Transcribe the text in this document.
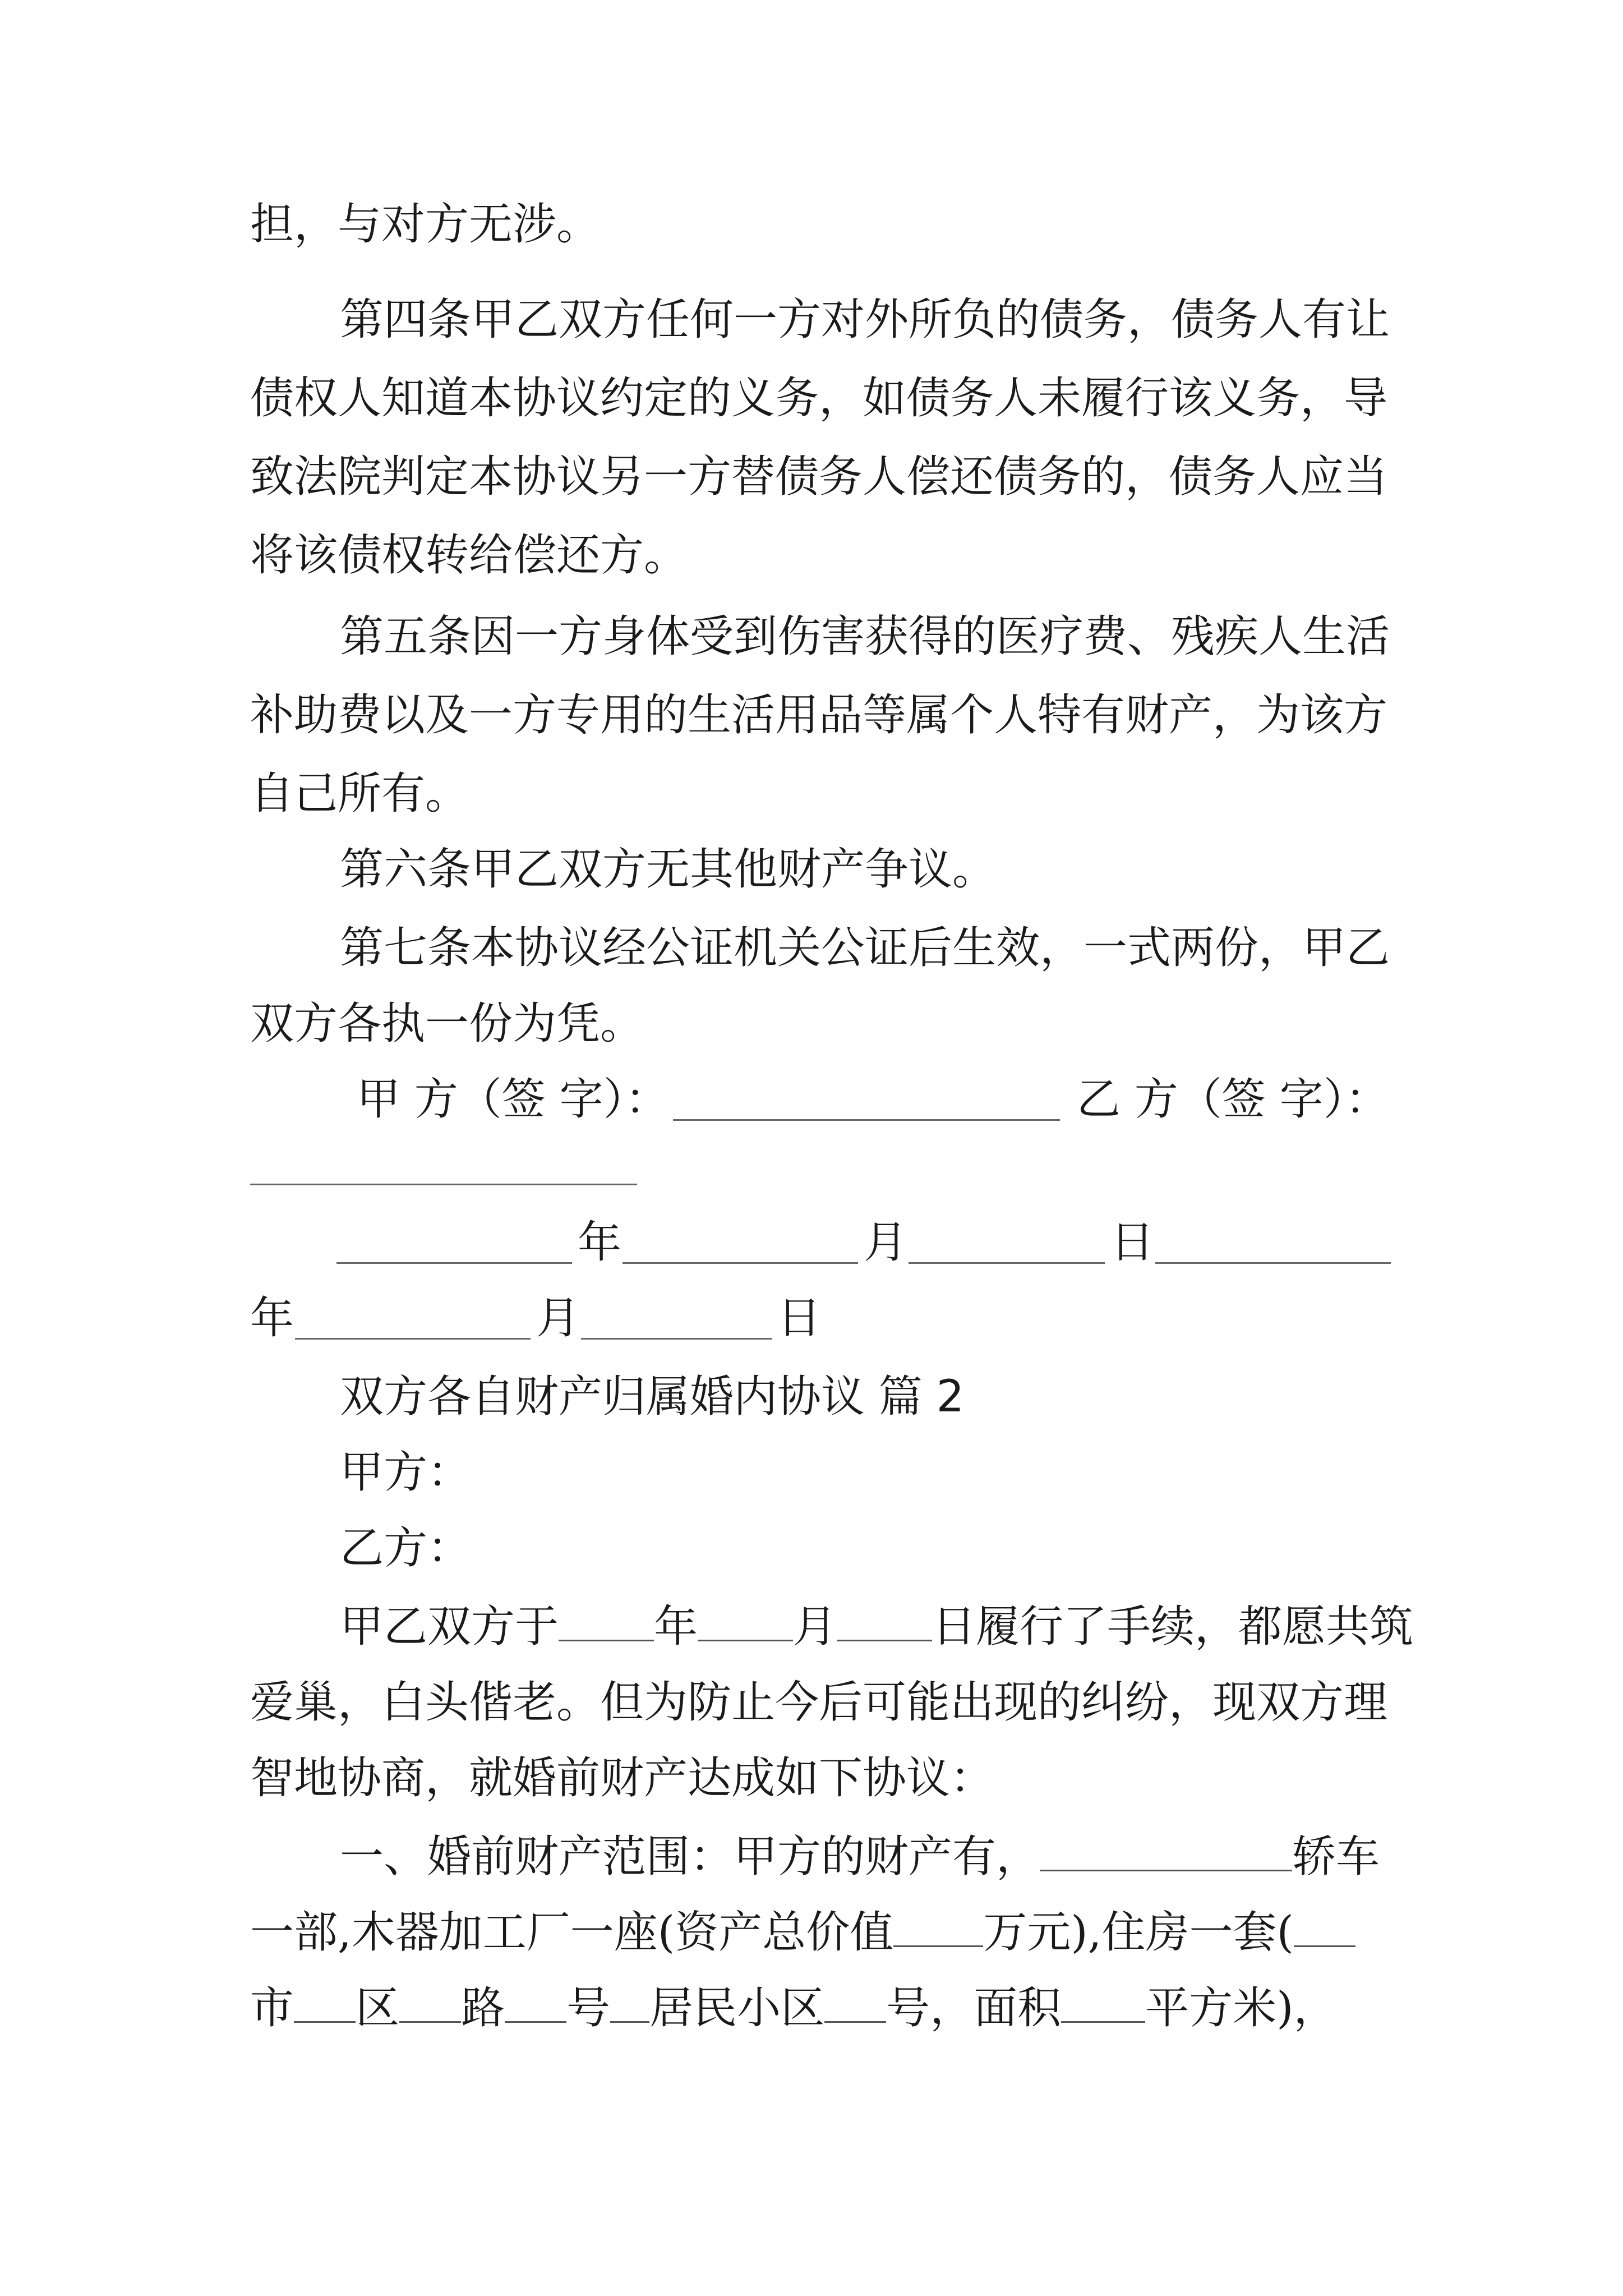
担，与对方无涉。

第四条甲乙双方任何一方对外所负的债务，债务人有让

债权人知道本协议约定的义务，如债务人未履行该义务，导

致法院判定本协议另一方替债务人偿还债务的，债务人应当

将该债权转给偿还方。

第五条因一方身体受到伤害获得的医疗费、残疾人生活

补助费以及一方专用的生活用品等属个人特有财产，为该方

自己所有。

第六条甲乙双方无其他财产争议。

第七条本协议经公证机关公证后生效，一式两份，甲乙

双方各执一份为凭。

甲 方（签 字）：	乙 方（签 字）：

年	月	日

年	月	日

双方各自财产归属婚内协议 篇 2

甲方：

乙方：

甲乙双方于 年 月 日履行了手续，都愿共筑

爱巢，白头偕老。但为防止今后可能出现的纠纷，现双方理

智地协商，就婚前财产达成如下协议：

一、婚前财产范围：甲方的财产有，	轿车

一部,木器加工厂一座(资产总价值 万元),住房一套(

市 区 路 号 居民小区 号，面积 平方米)，
